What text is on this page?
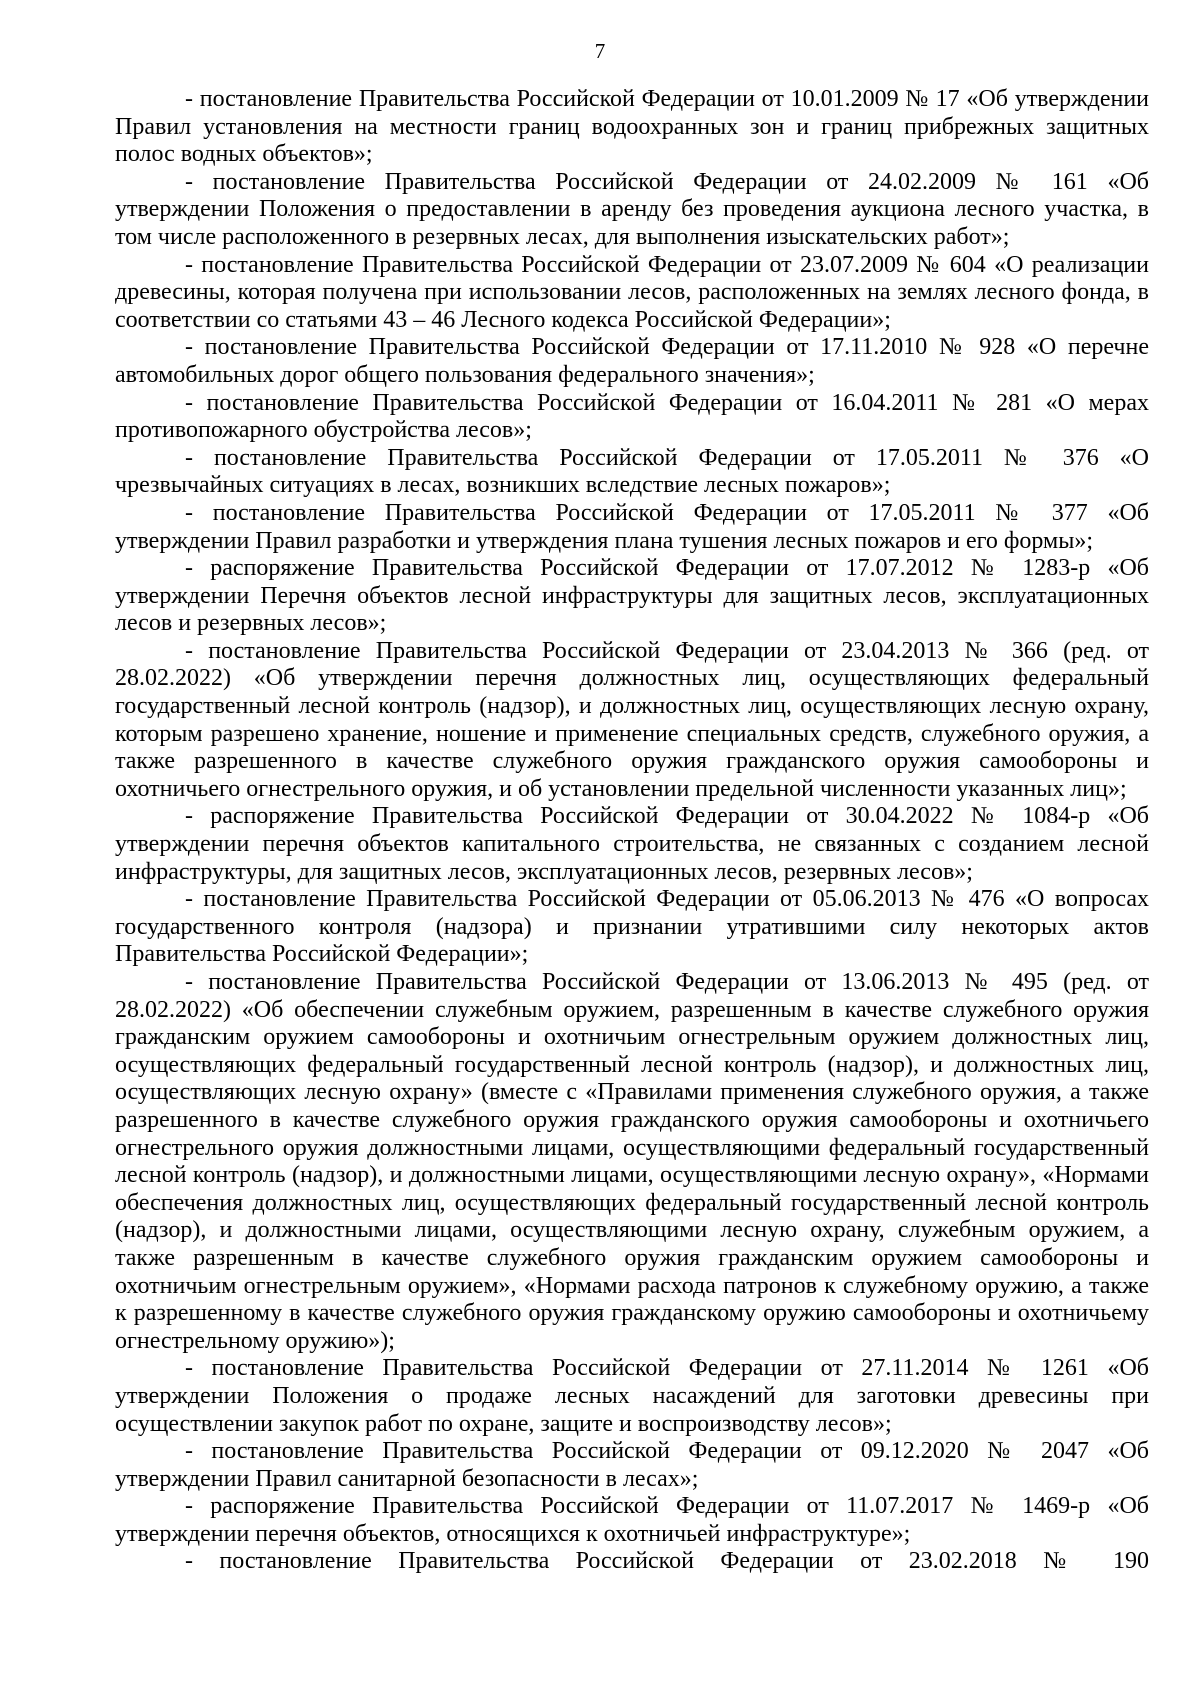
7

- постановление Правительства Российской Федерации от 10.01.2009 № 17 «Об утверждении Правил установления на местности границ водоохранных зон и границ прибрежных защитных полос водных объектов»;

- постановление Правительства Российской Федерации от 24.02.2009 № 161 «Об утверждении Положения о предоставлении в аренду без проведения аукциона лесного участка, в том числе расположенного в резервных лесах, для выполнения изыскательских работ»;

- постановление Правительства Российской Федерации от 23.07.2009 № 604 «О реализации древесины, которая получена при использовании лесов, расположенных на землях лесного фонда, в соответствии со статьями 43 – 46 Лесного кодекса Российской Федерации»;

- постановление Правительства Российской Федерации от 17.11.2010 № 928 «О перечне автомобильных дорог общего пользования федерального значения»;

- постановление Правительства Российской Федерации от 16.04.2011 № 281 «О мерах противопожарного обустройства лесов»;

- постановление Правительства Российской Федерации от 17.05.2011 № 376 «О чрезвычайных ситуациях в лесах, возникших вследствие лесных пожаров»;

- постановление Правительства Российской Федерации от 17.05.2011 № 377 «Об утверждении Правил разработки и утверждения плана тушения лесных пожаров и его формы»;

- распоряжение Правительства Российской Федерации от 17.07.2012 № 1283-р «Об утверждении Перечня объектов лесной инфраструктуры для защитных лесов, эксплуатационных лесов и резервных лесов»;

- постановление Правительства Российской Федерации от 23.04.2013 № 366 (ред. от 28.02.2022) «Об утверждении перечня должностных лиц, осуществляющих федеральный государственный лесной контроль (надзор), и должностных лиц, осуществляющих лесную охрану, которым разрешено хранение, ношение и применение специальных средств, служебного оружия, а также разрешенного в качестве служебного оружия гражданского оружия самообороны и охотничьего огнестрельного оружия, и об установлении предельной численности указанных лиц»;

- распоряжение Правительства Российской Федерации от 30.04.2022 № 1084-р «Об утверждении перечня объектов капитального строительства, не связанных с созданием лесной инфраструктуры, для защитных лесов, эксплуатационных лесов, резервных лесов»;

- постановление Правительства Российской Федерации от 05.06.2013 № 476 «О вопросах государственного контроля (надзора) и признании утратившими силу некоторых актов Правительства Российской Федерации»;

- постановление Правительства Российской Федерации от 13.06.2013 № 495 (ред. от 28.02.2022) «Об обеспечении служебным оружием, разрешенным в качестве служебного оружия гражданским оружием самообороны и охотничьим огнестрельным оружием должностных лиц, осуществляющих федеральный государственный лесной контроль (надзор), и должностных лиц, осуществляющих лесную охрану» (вместе с «Правилами применения служебного оружия, а также разрешенного в качестве служебного оружия гражданского оружия самообороны и охотничьего огнестрельного оружия должностными лицами, осуществляющими федеральный государственный лесной контроль (надзор), и должностными лицами, осуществляющими лесную охрану», «Нормами обеспечения должностных лиц, осуществляющих федеральный государственный лесной контроль (надзор), и должностными лицами, осуществляющими лесную охрану, служебным оружием, а также разрешенным в качестве служебного оружия гражданским оружием самообороны и охотничьим огнестрельным оружием», «Нормами расхода патронов к служебному оружию, а также к разрешенному в качестве служебного оружия гражданскому оружию самообороны и охотничьему огнестрельному оружию»);

- постановление Правительства Российской Федерации от 27.11.2014 № 1261 «Об утверждении Положения о продаже лесных насаждений для заготовки древесины при осуществлении закупок работ по охране, защите и воспроизводству лесов»;

- постановление Правительства Российской Федерации от 09.12.2020 № 2047 «Об утверждении Правил санитарной безопасности в лесах»;

- распоряжение Правительства Российской Федерации от 11.07.2017 № 1469-р «Об утверждении перечня объектов, относящихся к охотничьей инфраструктуре»;

- постановление Правительства Российской Федерации от 23.02.2018 № 190
